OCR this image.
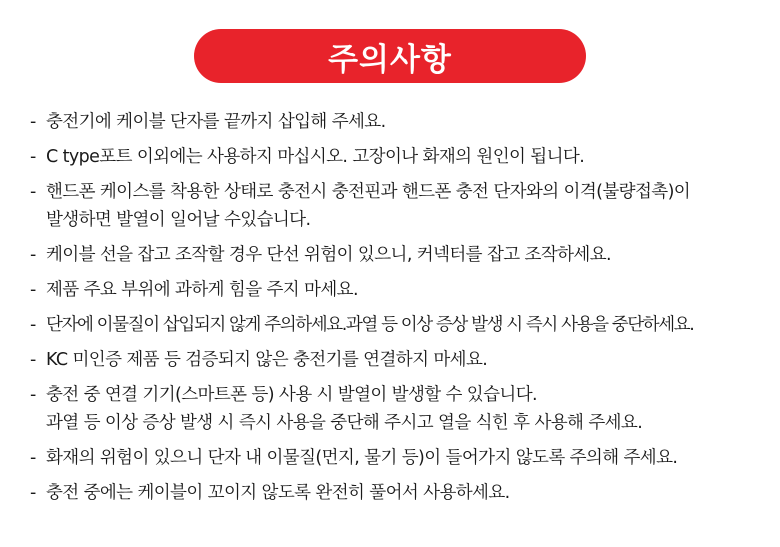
주의사항
- 충전기에 케이블 단자를 끝까지 삽입해 주세요.
- C type포트 이외에는 사용하지 마십시오. 고장이나 화재의 원인이 됩니다.
- 핸드폰 케이스를 착용한 상태로 충전시 충전핀과 핸드폰 충전 단자와의 이격(불량접촉)이
발생하면 발열이 일어날 수있습니다.
- 케이블 선을 잡고 조작할 경우 단선 위험이 있으니, 커넥터를 잡고 조작하세요.
- 제품 주요 부위에 과하게 힘을 주지 마세요.
- 단자에 이물질이 삽입되지 않게 주의하세요.과열 등 이상 증상 발생 시 즉시 사용을 중단하세요.
- KC 미인증 제품 등 검증되지 않은 충전기를 연결하지 마세요.
- 충전 중 연결 기기(스마트폰 등) 사용 시 발열이 발생할 수 있습니다.
과열 등 이상 증상 발생 시 즉시 사용을 중단해 주시고 열을 식힌 후 사용해 주세요.
- 화재의 위험이 있으니 단자 내 이물질(먼지, 물기 등)이 들어가지 않도록 주의해 주세요.
- 충전 중에는 케이블이 꼬이지 않도록 완전히 풀어서 사용하세요.
